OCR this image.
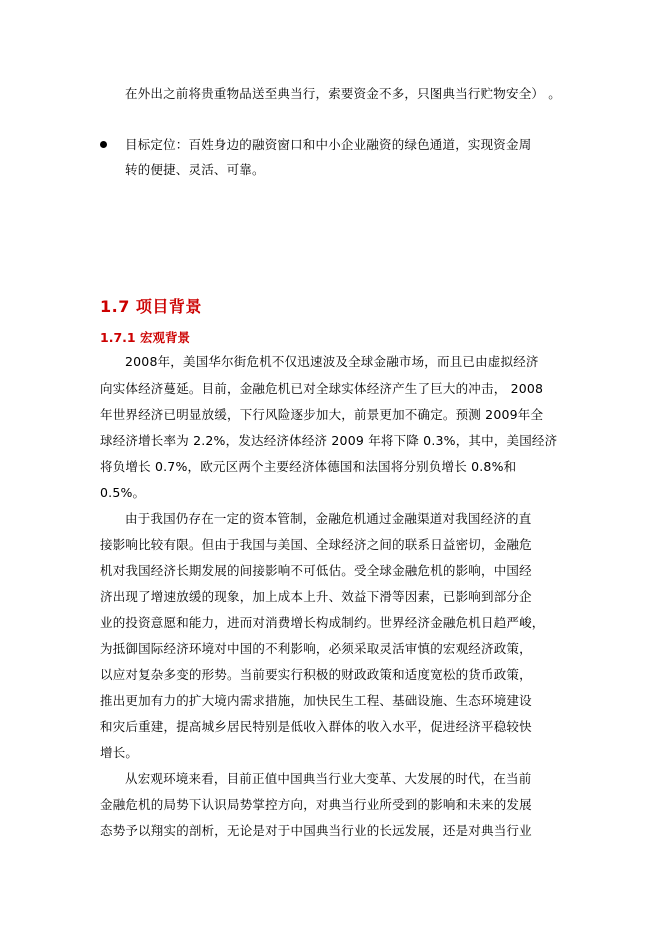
在外出之前将贵重物品送至典当行，索要资金不多，只图典当行贮物安全） 。
目标定位：百姓身边的融资窗口和中小企业融资的绿色通道，实现资金周
转的便捷、灵活、可靠。
1.7 项目背景
1.7.1 宏观背景
2008年，美国华尔街危机不仅迅速波及全球金融市场，而且已由虚拟经济
向实体经济蔓延。目前，金融危机已对全球实体经济产生了巨大的冲击， 2008
年世界经济已明显放缓，下行风险逐步加大，前景更加不确定。预测 2009年全
球经济增长率为 2.2%，发达经济体经济 2009 年将下降 0.3%，其中，美国经济
将负增长 0.7%，欧元区两个主要经济体德国和法国将分别负增长 0.8%和
0.5%。
由于我国仍存在一定的资本管制，金融危机通过金融渠道对我国经济的直
接影响比较有限。但由于我国与美国、全球经济之间的联系日益密切，金融危
机对我国经济长期发展的间接影响不可低估。受全球金融危机的影响，中国经
济出现了增速放缓的现象，加上成本上升、效益下滑等因素，已影响到部分企
业的投资意愿和能力，进而对消费增长构成制约。世界经济金融危机日趋严峻，
为抵御国际经济环境对中国的不利影响，必须采取灵活审慎的宏观经济政策，
以应对复杂多变的形势。当前要实行积极的财政政策和适度宽松的货币政策，
推出更加有力的扩大境内需求措施，加快民生工程、基础设施、生态环境建设
和灾后重建，提高城乡居民特别是低收入群体的收入水平，促进经济平稳较快
增长。
从宏观环境来看，目前正值中国典当行业大变革、大发展的时代，在当前
金融危机的局势下认识局势掌控方向，对典当行业所受到的影响和未来的发展
态势予以翔实的剖析，无论是对于中国典当行业的长远发展，还是对典当行业
